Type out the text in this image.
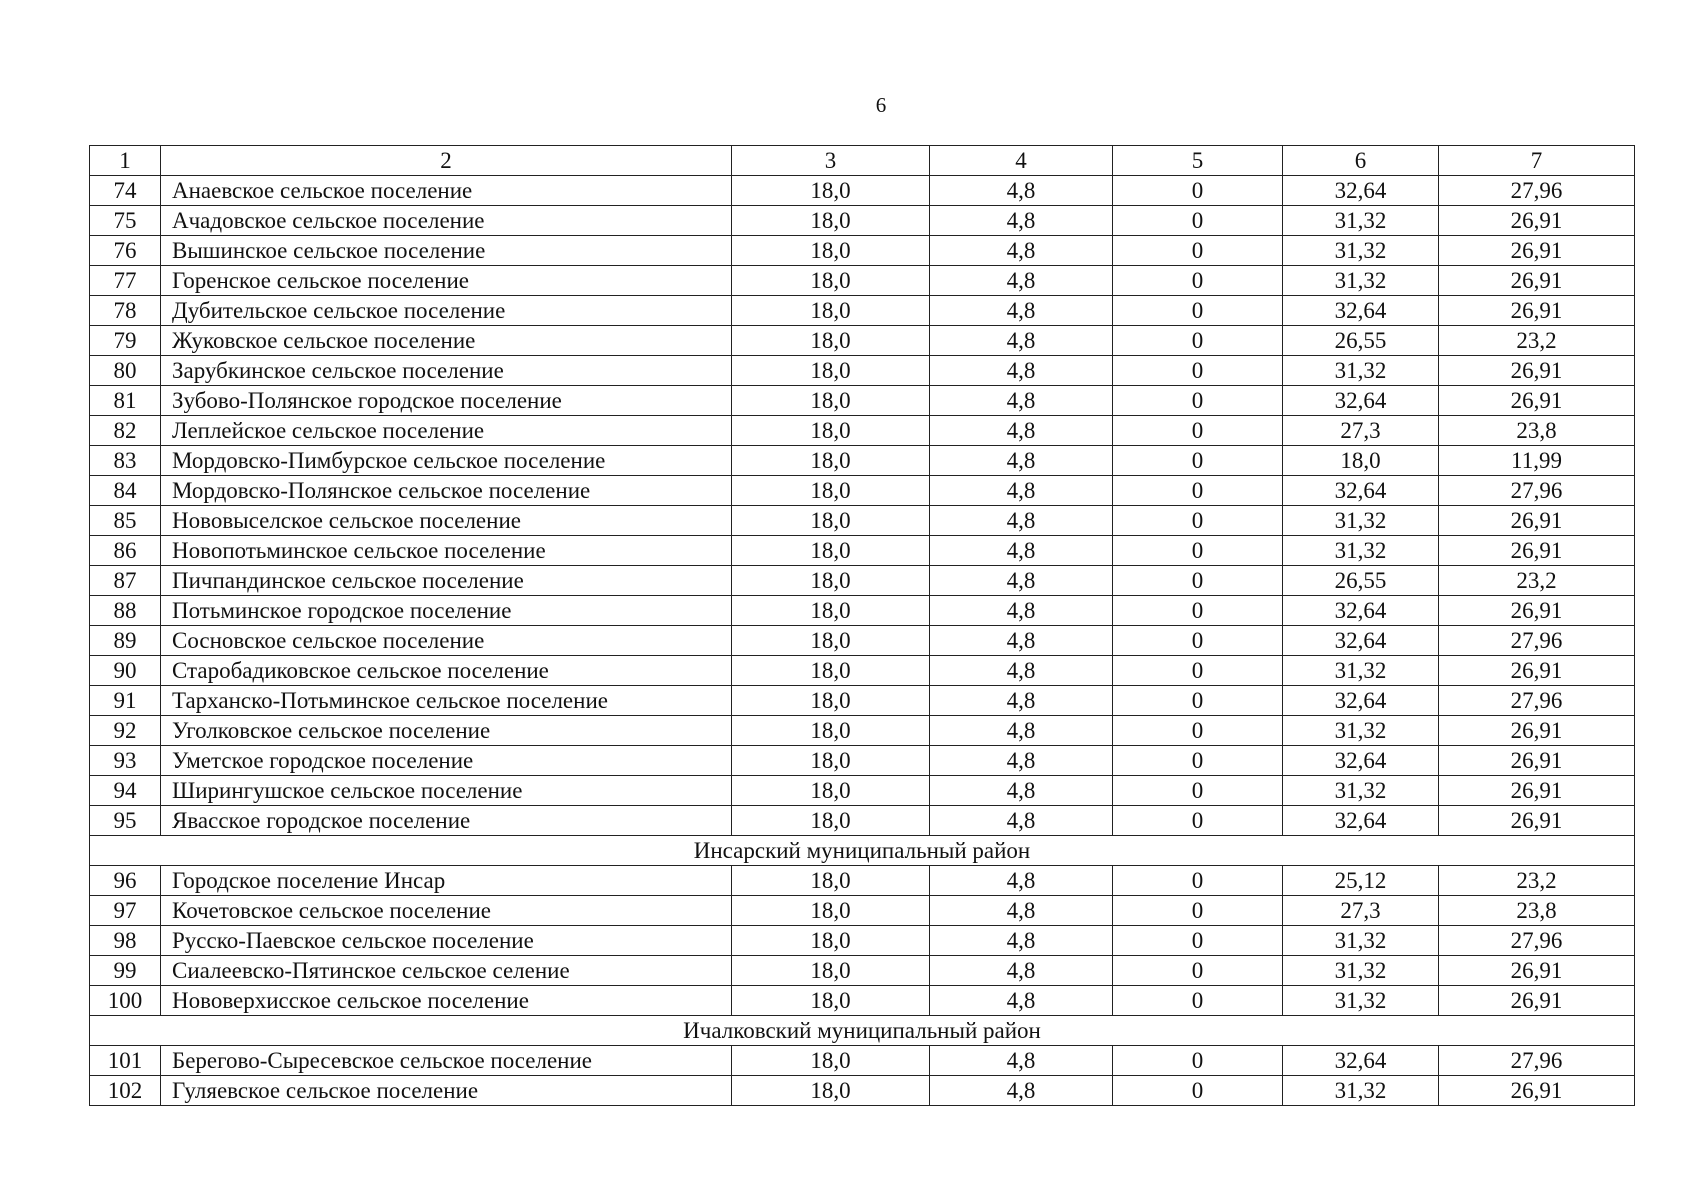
6
1	2	3	4	5	6	7
74	Анаевское сельское поселение	18,0	4,8	0	32,64	27,96
75	Ачадовское сельское поселение	18,0	4,8	0	31,32	26,91
76	Вышинское сельское поселение	18,0	4,8	0	31,32	26,91
77	Горенское сельское поселение	18,0	4,8	0	31,32	26,91
78	Дубительское сельское поселение	18,0	4,8	0	32,64	26,91
79	Жуковское сельское поселение	18,0	4,8	0	26,55	23,2
80	Зарубкинское сельское поселение	18,0	4,8	0	31,32	26,91
81	Зубово-Полянское городское поселение	18,0	4,8	0	32,64	26,91
82	Леплейское сельское поселение	18,0	4,8	0	27,3	23,8
83	Мордовско-Пимбурское сельское поселение	18,0	4,8	0	18,0	11,99
84	Мордовско-Полянское сельское поселение	18,0	4,8	0	32,64	27,96
85	Нововыселское сельское поселение	18,0	4,8	0	31,32	26,91
86	Новопотьминское сельское поселение	18,0	4,8	0	31,32	26,91
87	Пичпандинское сельское поселение	18,0	4,8	0	26,55	23,2
88	Потьминское городское поселение	18,0	4,8	0	32,64	26,91
89	Сосновское сельское поселение	18,0	4,8	0	32,64	27,96
90	Старобадиковское сельское поселение	18,0	4,8	0	31,32	26,91
91	Тарханско-Потьминское сельское поселение	18,0	4,8	0	32,64	27,96
92	Уголковское сельское поселение	18,0	4,8	0	31,32	26,91
93	Уметское городское поселение	18,0	4,8	0	32,64	26,91
94	Ширингушское сельское поселение	18,0	4,8	0	31,32	26,91
95	Явасское городское поселение	18,0	4,8	0	32,64	26,91
Инсарский муниципальный район						
96	Городское поселение Инсар	18,0	4,8	0	25,12	23,2
97	Кочетовское сельское поселение	18,0	4,8	0	27,3	23,8
98	Русско-Паевское сельское поселение	18,0	4,8	0	31,32	27,96
99	Сиалеевско-Пятинское сельское селение	18,0	4,8	0	31,32	26,91
100	Нововерхисское сельское поселение	18,0	4,8	0	31,32	26,91
Ичалковский муниципальный район						
101	Берегово-Сыресевское сельское поселение	18,0	4,8	0	32,64	27,96
102	Гуляевское сельское поселение	18,0	4,8	0	31,32	26,91
